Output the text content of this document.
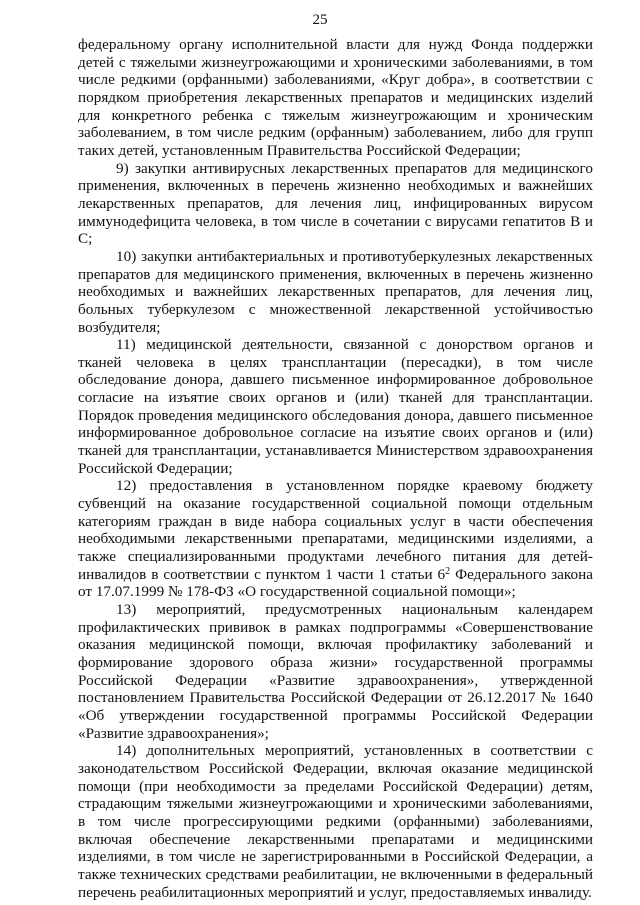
25

федеральному органу исполнительной власти для нужд Фонда поддержки детей с тяжелыми жизнеугрожающими и хроническими заболеваниями, в том числе редкими (орфанными) заболеваниями, «Круг добра», в соответствии с порядком приобретения лекарственных препаратов и медицинских изделий для конкретного ребенка с тяжелым жизнеугрожающим и хроническим заболеванием, в том числе редким (орфанным) заболеванием, либо для групп таких детей, установленным Правительства Российской Федерации;

9) закупки антивирусных лекарственных препаратов для медицинского применения, включенных в перечень жизненно необходимых и важнейших лекарственных препаратов, для лечения лиц, инфицированных вирусом иммунодефицита человека, в том числе в сочетании с вирусами гепатитов B и C;

10) закупки антибактериальных и противотуберкулезных лекарственных препаратов для медицинского применения, включенных в перечень жизненно необходимых и важнейших лекарственных препаратов, для лечения лиц, больных туберкулезом с множественной лекарственной устойчивостью возбудителя;

11) медицинской деятельности, связанной с донорством органов и тканей человека в целях трансплантации (пересадки), в том числе обследование донора, давшего письменное информированное добровольное согласие на изъятие своих органов и (или) тканей для трансплантации. Порядок проведения медицинского обследования донора, давшего письменное информированное добровольное согласие на изъятие своих органов и (или) тканей для трансплантации, устанавливается Министерством здравоохранения Российской Федерации;

12) предоставления в установленном порядке краевому бюджету субвенций на оказание государственной социальной помощи отдельным категориям граждан в виде набора социальных услуг в части обеспечения необходимыми лекарственными препаратами, медицинскими изделиями, а также специализированными продуктами лечебного питания для детей-инвалидов в соответствии с пунктом 1 части 1 статьи $6^2$ Федерального закона от 17.07.1999 № 178-ФЗ «О государственной социальной помощи»;

13) мероприятий, предусмотренных национальным календарем профилактических прививок в рамках подпрограммы «Совершенствование оказания медицинской помощи, включая профилактику заболеваний и формирование здорового образа жизни» государственной программы Российской Федерации «Развитие здравоохранения», утвержденной постановлением Правительства Российской Федерации от 26.12.2017 № 1640 «Об утверждении государственной программы Российской Федерации «Развитие здравоохранения»;

14) дополнительных мероприятий, установленных в соответствии с законодательством Российской Федерации, включая оказание медицинской помощи (при необходимости за пределами Российской Федерации) детям, страдающим тяжелыми жизнеугрожающими и хроническими заболеваниями, в том числе прогрессирующими редкими (орфанными) заболеваниями, включая обеспечение лекарственными препаратами и медицинскими изделиями, в том числе не зарегистрированными в Российской Федерации, а также технических средствами реабилитации, не включенными в федеральный перечень реабилитационных мероприятий и услуг, предоставляемых инвалиду.
